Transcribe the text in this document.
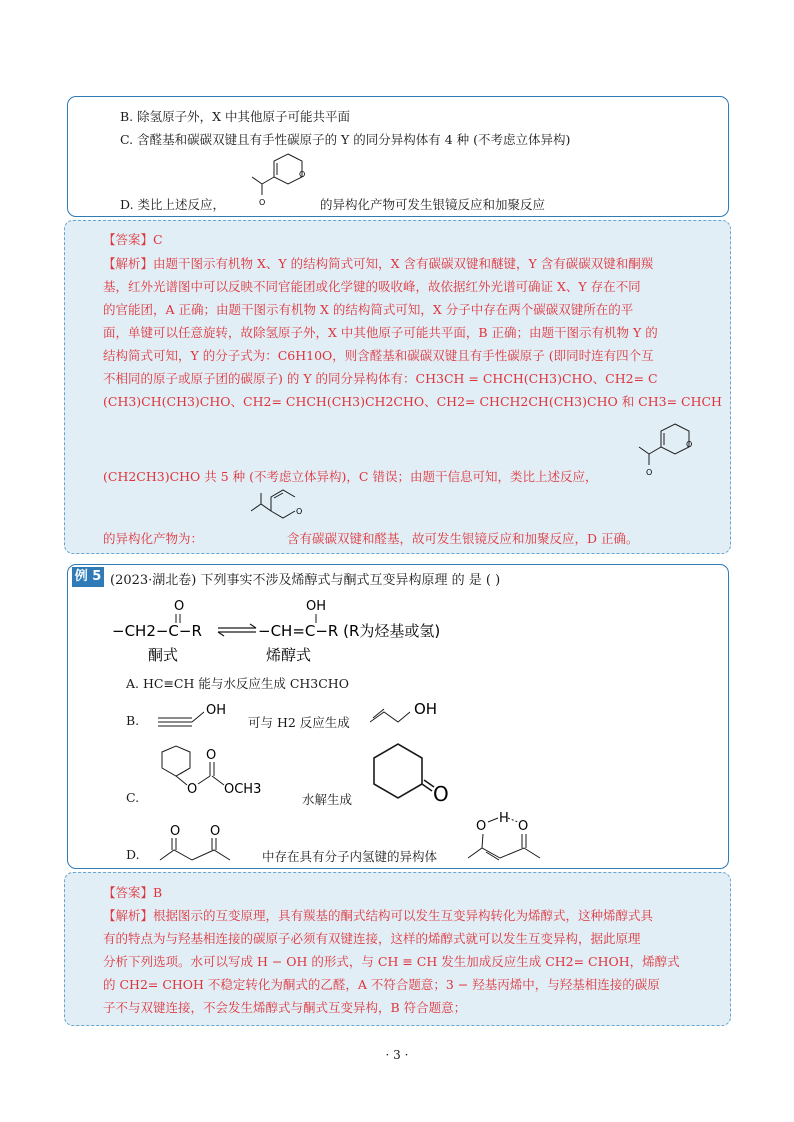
B. 除氢原子外，X 中其他原子可能共平面
C. 含醛基和碳碳双键且有手性碳原子的 Y 的同分异构体有 4 种 (不考虑立体异构)
D. 类比上述反应，	O
O
的异构化产物可发生银镜反应和加聚反应
【答案】C
【解析】由题干图示有机物 X、Y 的结构简式可知，X 含有碳碳双键和醚键，Y 含有碳碳双键和酮羰
基，红外光谱图中可以反映不同官能团或化学键的吸收峰，故依据红外光谱可确证 X、Y 存在不同
的官能团，A 正确；由题干图示有机物 X 的结构简式可知，X 分子中存在两个碳碳双键所在的平
面，单键可以任意旋转，故除氢原子外，X 中其他原子可能共平面，B 正确；由题干图示有机物 Y 的
结构简式可知，Y 的分子式为：C6H10O，则含醛基和碳碳双键且有手性碳原子 (即同时连有四个互
不相同的原子或原子团的碳原子) 的 Y 的同分异构体有：CH3CH = CHCH(CH3)CHO、CH2= C
(CH3)CH(CH3)CHO、CH2= CHCH(CH3)CH2CHO、CH2= CHCH2CH(CH3)CHO 和 CH3= CHCH
O
O
(CH2CH3)CHO 共 5 种 (不考虑立体异构)，C 错误；由题干信息可知，类比上述反应，
O
的异构化产物为：	含有碳碳双键和醛基，故可发生银镜反应和加聚反应，D 正确。
例 5 (2023·湖北卷) 下列事实不涉及烯醇式与酮式互变异构原理 的 是 ( )
O
−CH2−C−R
OH
−CH=C−R (R为烃基或氢)
酮式	烯醇式
A. HC≡CH 能与水反应生成 CH3CHO
B.
OH
可与 H2 反应生成
OH
C.
O
O
OCH3
水解生成	O
D.
O O
中存在具有分子内氢键的异构体
H
O O
【答案】B
【解析】根据图示的互变原理，具有羰基的酮式结构可以发生互变异构转化为烯醇式，这种烯醇式具
有的特点为与羟基相连接的碳原子必须有双键连接，这样的烯醇式就可以发生互变异构，据此原理
分析下列选项。水可以写成 H − OH 的形式，与 CH ≡ CH 发生加成反应生成 CH2= CHOH，烯醇式
的 CH2= CHOH 不稳定转化为酮式的乙醛，A 不符合题意；3 − 羟基丙烯中，与羟基相连接的碳原
子不与双键连接，不会发生烯醇式与酮式互变异构，B 符合题意；
· 3 ·
